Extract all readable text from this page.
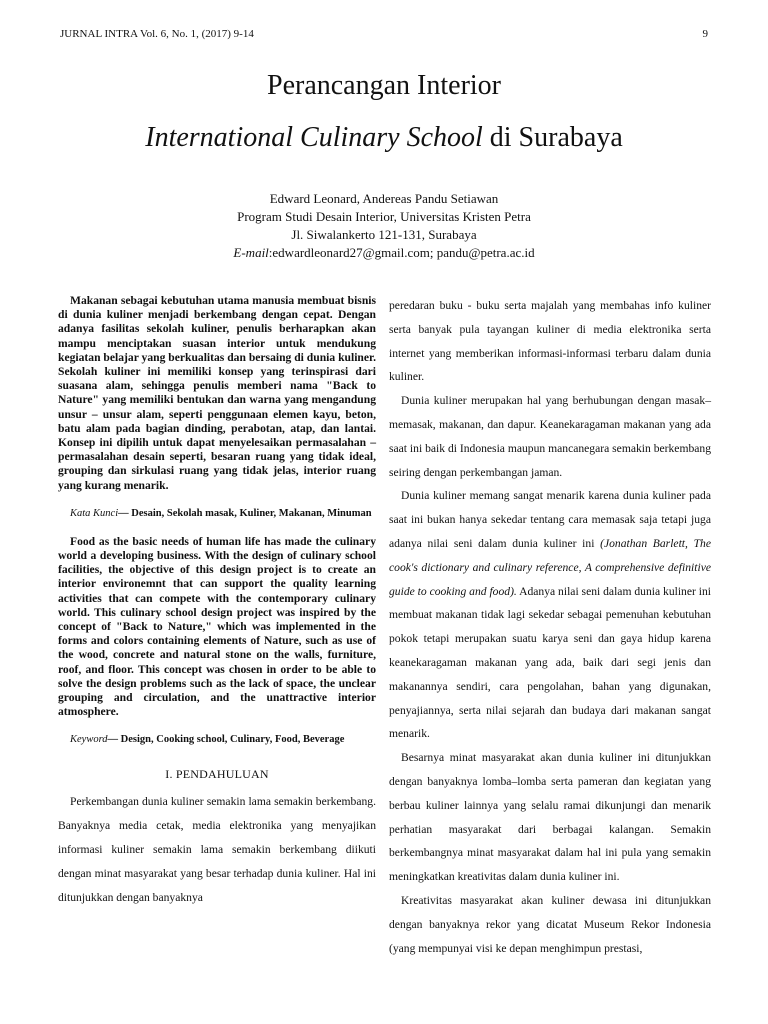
JURNAL INTRA Vol. 6, No. 1, (2017) 9-14	9
Perancangan Interior
International Culinary School di Surabaya
Edward Leonard, Andereas Pandu Setiawan
Program Studi Desain Interior, Universitas Kristen Petra
Jl. Siwalankerto 121-131, Surabaya
E-mail:edwardleonard27@gmail.com; pandu@petra.ac.id

Makanan sebagai kebutuhan utama manusia membuat bisnis di dunia kuliner menjadi berkembang dengan cepat. Dengan adanya fasilitas sekolah kuliner, penulis berharapkan akan mampu menciptakan suasan interior untuk mendukung kegiatan belajar yang berkualitas dan bersaing di dunia kuliner. Sekolah kuliner ini memiliki konsep yang terinspirasi dari suasana alam, sehingga penulis memberi nama "Back to Nature" yang memiliki bentukan dan warna yang mengandung unsur – unsur alam, seperti penggunaan elemen kayu, beton, batu alam pada bagian dinding, perabotan, atap, dan lantai. Konsep ini dipilih untuk dapat menyelesaikan permasalahan – permasalahan desain seperti, besaran ruang yang tidak ideal, grouping dan sirkulasi ruang yang tidak jelas, interior ruang yang kurang menarik.

Kata Kunci— Desain, Sekolah masak, Kuliner, Makanan, Minuman

Food as the basic needs of human life has made the culinary world a developing business. With the design of culinary school facilities, the objective of this design project is to create an interior environemnt that can support the quality learning activities that can compete with the contemporary culinary world. This culinary school design project was inspired by the concept of "Back to Nature," which was implemented in the forms and colors containing elements of Nature, such as use of the wood, concrete and natural stone on the walls, furniture, roof, and floor. This concept was chosen in order to be able to solve the design problems such as the lack of space, the unclear grouping and circulation, and the unattractive interior atmosphere.

Keyword— Design, Cooking school, Culinary, Food, Beverage

I. PENDAHULUAN

Perkembangan dunia kuliner semakin lama semakin berkembang. Banyaknya media cetak, media elektronika yang menyajikan informasi kuliner semakin lama semakin berkembang diikuti dengan minat masyarakat yang besar terhadap dunia kuliner. Hal ini ditunjukkan dengan banyaknya

peredaran buku - buku serta majalah yang membahas info kuliner serta banyak pula tayangan kuliner di media elektronika serta internet yang memberikan informasi-informasi terbaru dalam dunia kuliner.

Dunia kuliner merupakan hal yang berhubungan dengan masak–memasak, makanan, dan dapur. Keanekaragaman makanan yang ada saat ini baik di Indonesia maupun mancanegara semakin berkembang seiring dengan perkembangan jaman.

Dunia kuliner memang sangat menarik karena dunia kuliner pada saat ini bukan hanya sekedar tentang cara memasak saja tetapi juga adanya nilai seni dalam dunia kuliner ini (Jonathan Barlett, The cook's dictionary and culinary reference, A comprehensive definitive guide to cooking and food). Adanya nilai seni dalam dunia kuliner ini membuat makanan tidak lagi sekedar sebagai pemenuhan kebutuhan pokok tetapi merupakan suatu karya seni dan gaya hidup karena keanekaragaman makanan yang ada, baik dari segi jenis dan makanannya sendiri, cara pengolahan, bahan yang digunakan, penyajiannya, serta nilai sejarah dan budaya dari makanan sangat menarik.

Besarnya minat masyarakat akan dunia kuliner ini ditunjukkan dengan banyaknya lomba–lomba serta pameran dan kegiatan yang berbau kuliner lainnya yang selalu ramai dikunjungi dan menarik perhatian masyarakat dari berbagai kalangan. Semakin berkembangnya minat masyarakat dalam hal ini pula yang semakin meningkatkan kreativitas dalam dunia kuliner ini.

Kreativitas masyarakat akan kuliner dewasa ini ditunjukkan dengan banyaknya rekor yang dicatat Museum Rekor Indonesia (yang mempunyai visi ke depan menghimpun prestasi,
